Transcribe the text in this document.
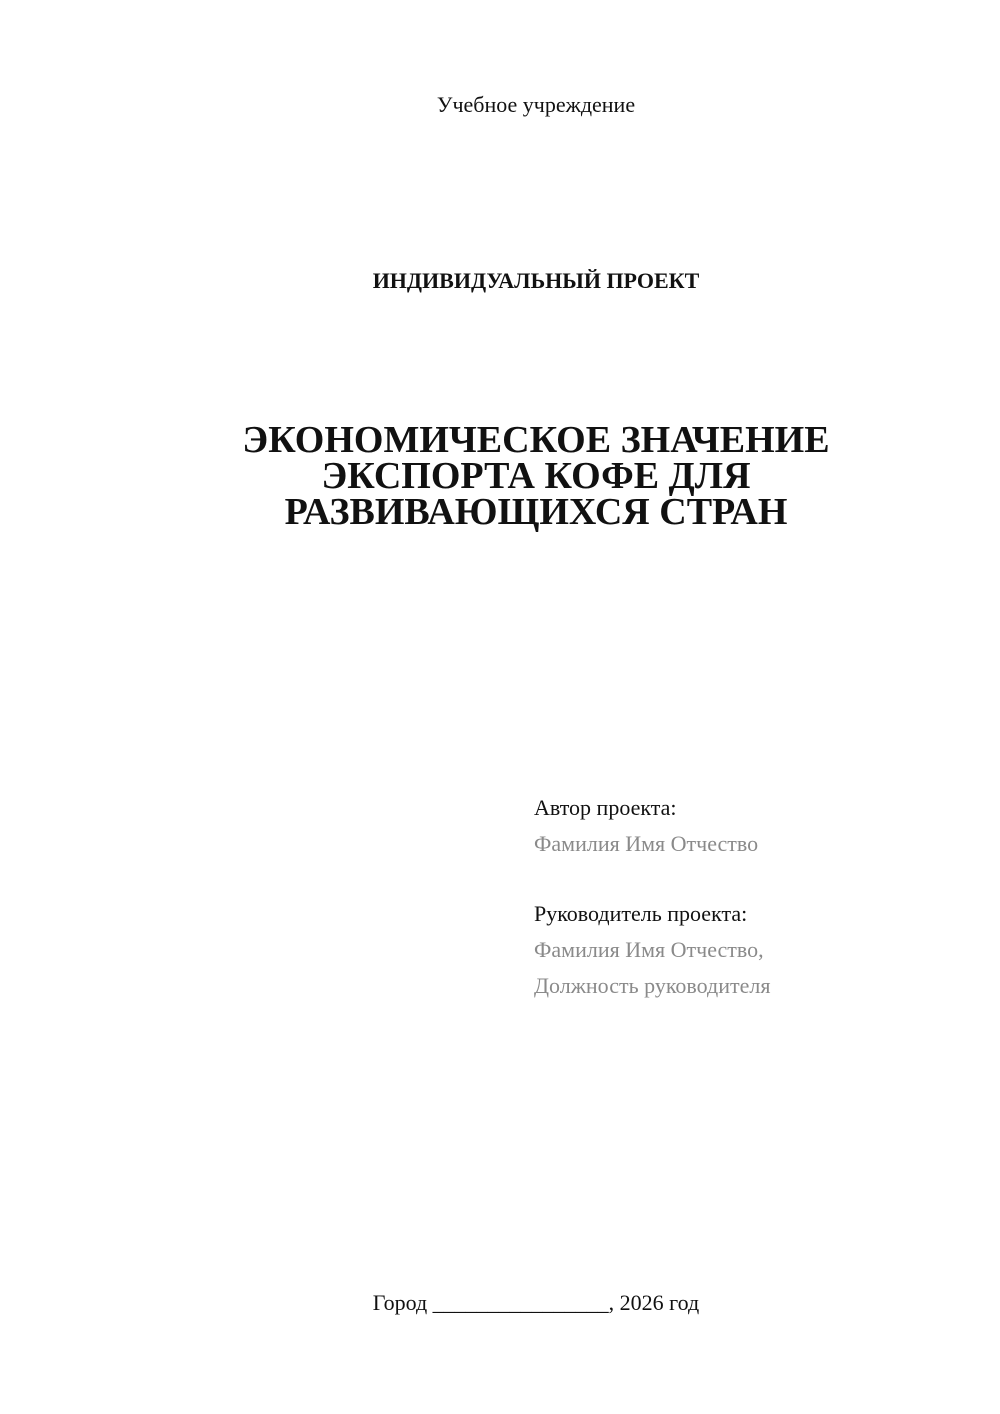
Учебное учреждение
ИНДИВИДУАЛЬНЫЙ ПРОЕКТ
ЭКОНОМИЧЕСКОЕ ЗНАЧЕНИЕ
ЭКСПОРТА КОФЕ ДЛЯ
РАЗВИВАЮЩИХСЯ СТРАН
Автор проекта:
Фамилия Имя Отчество
Руководитель проекта:
Фамилия Имя Отчество,
Должность руководителя
Город ________________, 2026 год
